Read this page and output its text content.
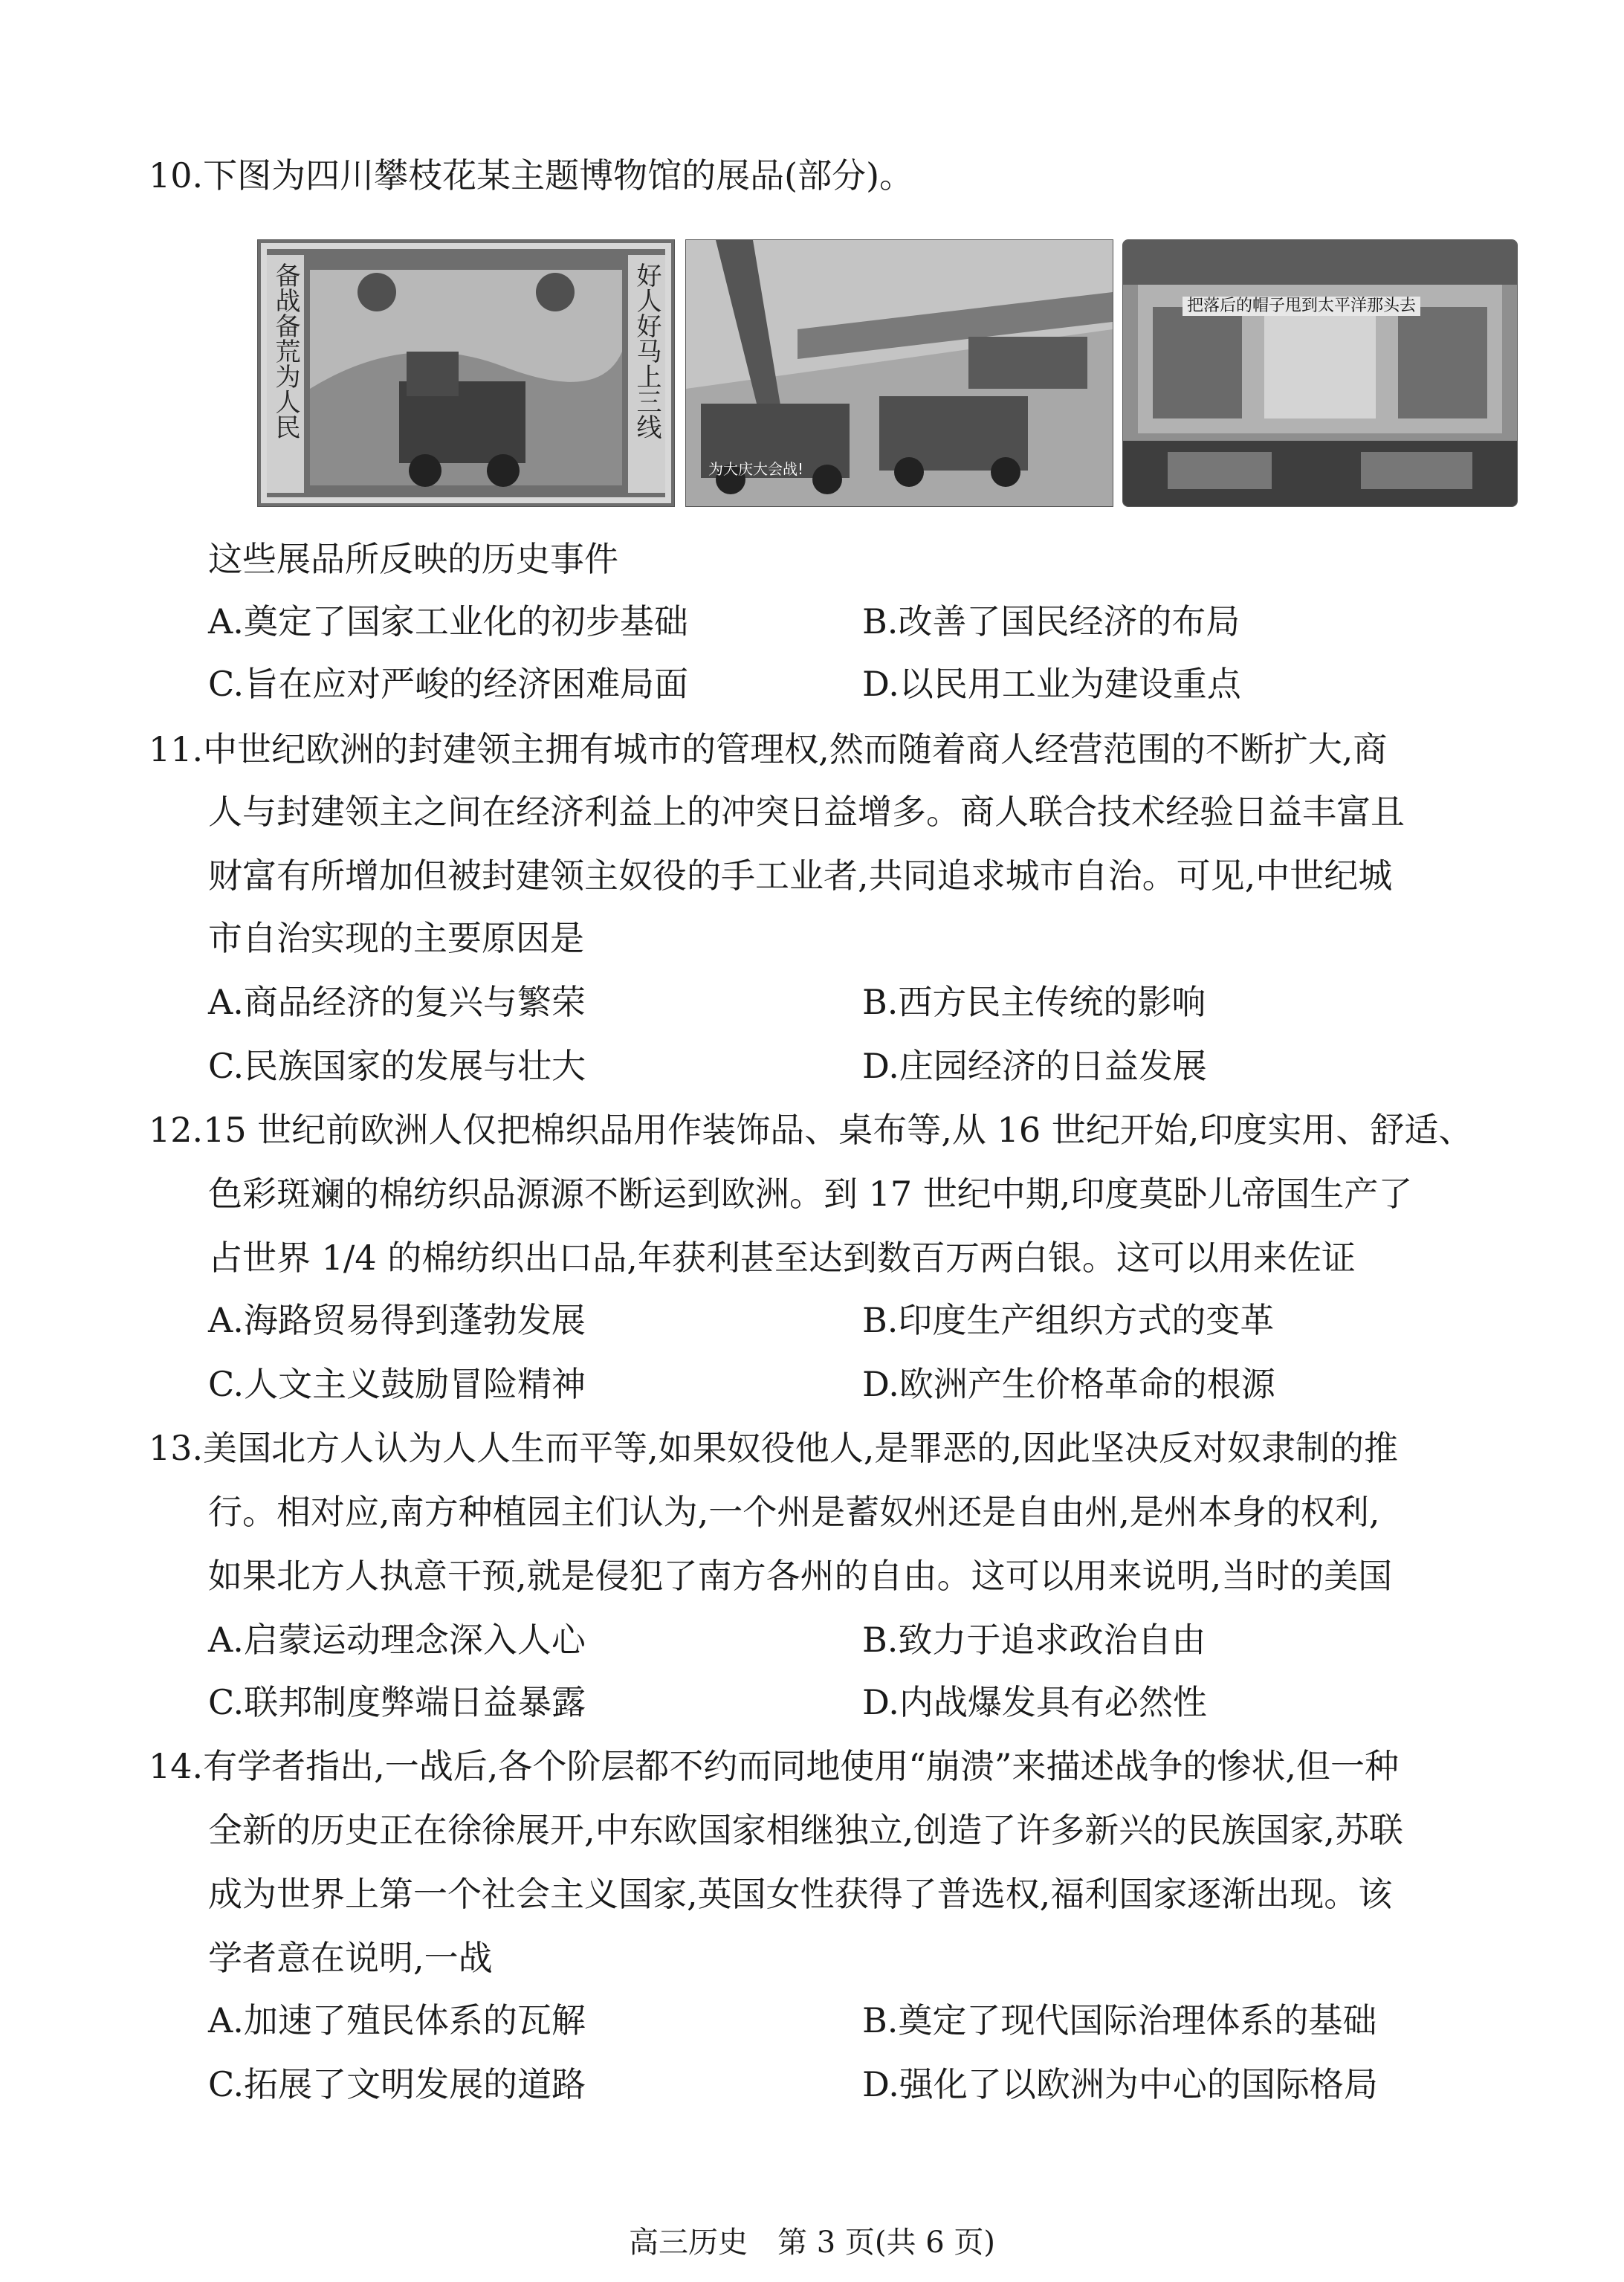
10.下图为四川攀枝花某主题博物馆的展品(部分)。
备战备荒为人民	好人好马上三线
为大庆大会战!
把落后的帽子甩到太平洋那头去
这些展品所反映的历史事件
A.奠定了国家工业化的初步基础	B.改善了国民经济的布局
C.旨在应对严峻的经济困难局面	D.以民用工业为建设重点
11.中世纪欧洲的封建领主拥有城市的管理权,然而随着商人经营范围的不断扩大,商
人与封建领主之间在经济利益上的冲突日益增多。商人联合技术经验日益丰富且
财富有所增加但被封建领主奴役的手工业者,共同追求城市自治。可见,中世纪城
市自治实现的主要原因是
A.商品经济的复兴与繁荣	B.西方民主传统的影响
C.民族国家的发展与壮大	D.庄园经济的日益发展
12.15 世纪前欧洲人仅把棉织品用作装饰品、桌布等,从 16 世纪开始,印度实用、舒适、
色彩斑斓的棉纺织品源源不断运到欧洲。到 17 世纪中期,印度莫卧儿帝国生产了
占世界 1/4 的棉纺织出口品,年获利甚至达到数百万两白银。这可以用来佐证
A.海路贸易得到蓬勃发展	B.印度生产组织方式的变革
C.人文主义鼓励冒险精神	D.欧洲产生价格革命的根源
13.美国北方人认为人人生而平等,如果奴役他人,是罪恶的,因此坚决反对奴隶制的推
行。相对应,南方种植园主们认为,一个州是蓄奴州还是自由州,是州本身的权利,
如果北方人执意干预,就是侵犯了南方各州的自由。这可以用来说明,当时的美国
A.启蒙运动理念深入人心	B.致力于追求政治自由
C.联邦制度弊端日益暴露	D.内战爆发具有必然性
14.有学者指出,一战后,各个阶层都不约而同地使用“崩溃”来描述战争的惨状,但一种
全新的历史正在徐徐展开,中东欧国家相继独立,创造了许多新兴的民族国家,苏联
成为世界上第一个社会主义国家,英国女性获得了普选权,福利国家逐渐出现。该
学者意在说明,一战
A.加速了殖民体系的瓦解	B.奠定了现代国际治理体系的基础
C.拓展了文明发展的道路	D.强化了以欧洲为中心的国际格局
高三历史　第 3 页(共 6 页)
